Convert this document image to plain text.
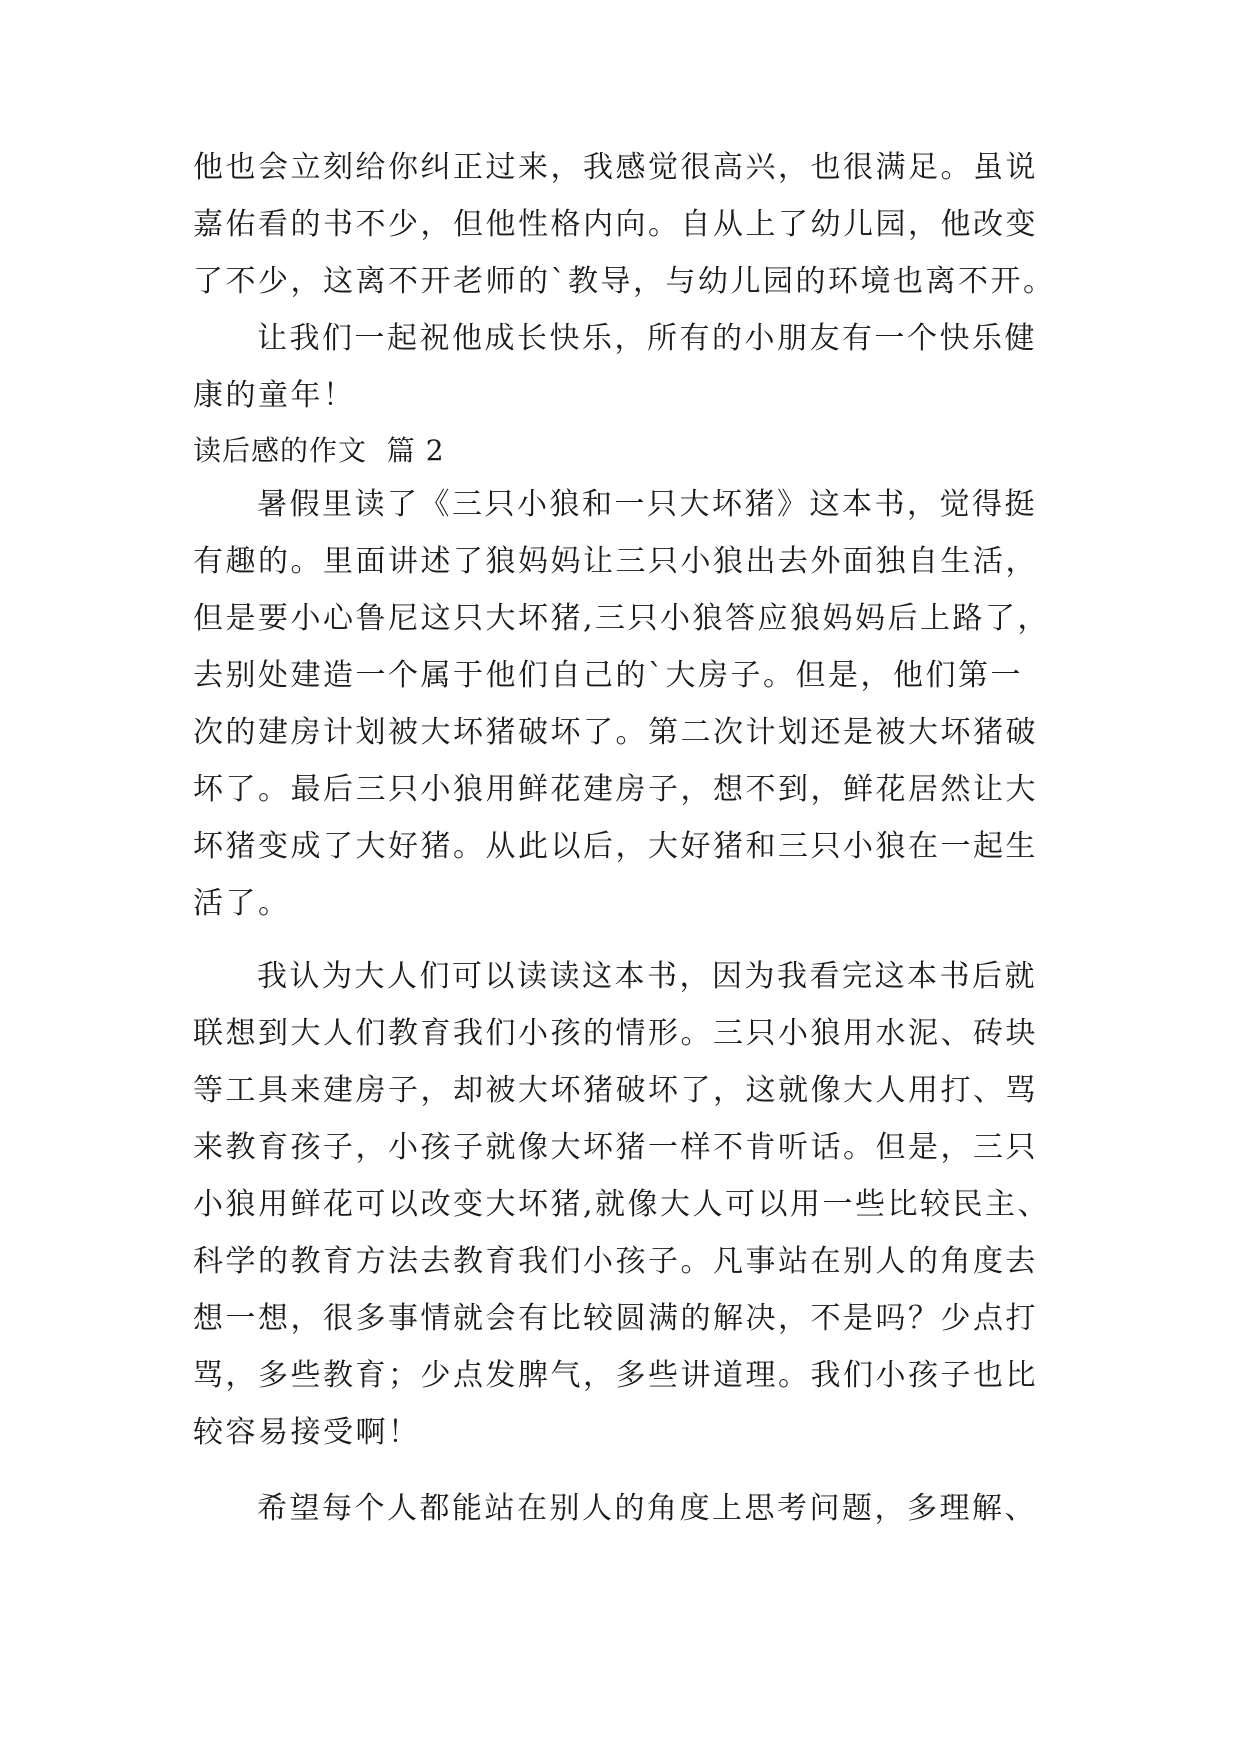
他也会立刻给你纠正过来，我感觉很高兴，也很满足。虽说
嘉佑看的书不少，但他性格内向。自从上了幼儿园，他改变
了不少，这离不开老师的`教导，与幼儿园的环境也离不开。
让我们一起祝他成长快乐，所有的小朋友有一个快乐健
康的童年！
读后感的作文  篇 2
暑假里读了《三只小狼和一只大坏猪》这本书，觉得挺
有趣的。里面讲述了狼妈妈让三只小狼出去外面独自生活，
但是要小心鲁尼这只大坏猪,三只小狼答应狼妈妈后上路了，
去别处建造一个属于他们自己的`大房子。但是，他们第一
次的建房计划被大坏猪破坏了。第二次计划还是被大坏猪破
坏了。最后三只小狼用鲜花建房子，想不到，鲜花居然让大
坏猪变成了大好猪。从此以后，大好猪和三只小狼在一起生
活了。
我认为大人们可以读读这本书，因为我看完这本书后就
联想到大人们教育我们小孩的情形。三只小狼用水泥、砖块
等工具来建房子，却被大坏猪破坏了，这就像大人用打、骂
来教育孩子，小孩子就像大坏猪一样不肯听话。但是，三只
小狼用鲜花可以改变大坏猪,就像大人可以用一些比较民主、
科学的教育方法去教育我们小孩子。凡事站在别人的角度去
想一想，很多事情就会有比较圆满的解决，不是吗？少点打
骂，多些教育；少点发脾气，多些讲道理。我们小孩子也比
较容易接受啊！
希望每个人都能站在别人的角度上思考问题，多理解、
